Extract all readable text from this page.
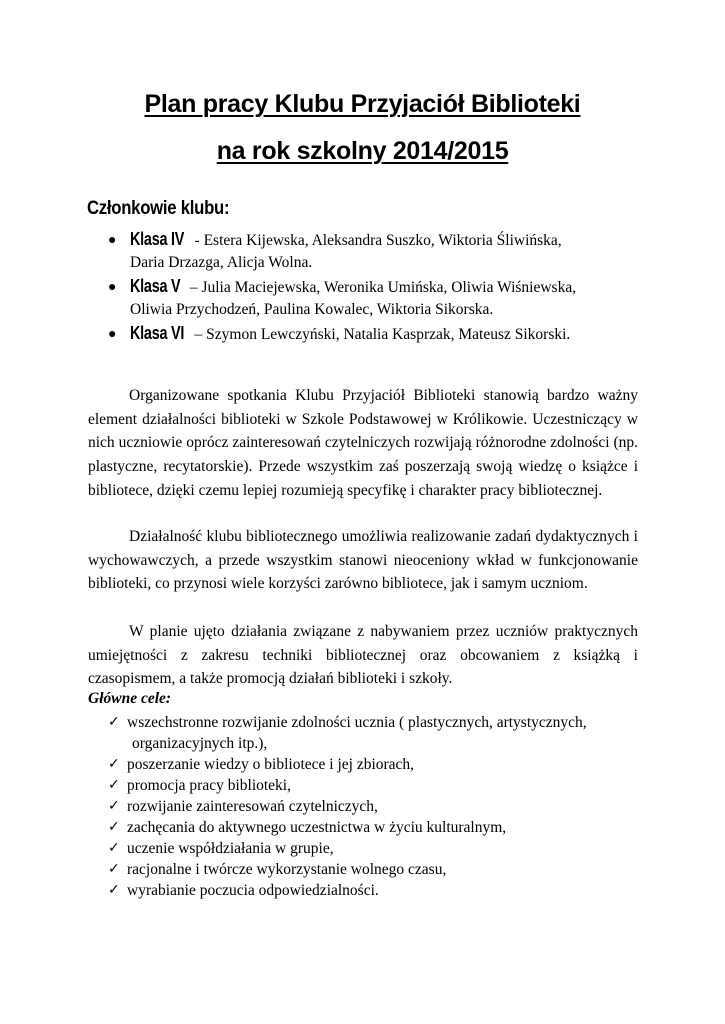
Plan pracy Klubu Przyjaciół Biblioteki
na rok szkolny 2014/2015
Członkowie klubu:
● Klasa IV - Estera Kijewska, Aleksandra Suszko, Wiktoria Śliwińska,
Daria Drzazga, Alicja Wolna.
● Klasa V – Julia Maciejewska, Weronika Umińska, Oliwia Wiśniewska,
Oliwia Przychodzeń, Paulina Kowalec, Wiktoria Sikorska.
● Klasa VI – Szymon Lewczyński, Natalia Kasprzak, Mateusz Sikorski.

Organizowane spotkania Klubu Przyjaciół Biblioteki stanowią bardzo ważny element działalności biblioteki w Szkole Podstawowej w Królikowie. Uczestniczący w nich uczniowie oprócz zainteresowań czytelniczych rozwijają różnorodne zdolności (np. plastyczne, recytatorskie). Przede wszystkim zaś poszerzają swoją wiedzę o książce i bibliotece, dzięki czemu lepiej rozumieją specyfikę i charakter pracy bibliotecznej.

Działalność klubu bibliotecznego umożliwia realizowanie zadań dydaktycznych i wychowawczych, a przede wszystkim stanowi nieoceniony wkład w funkcjonowanie biblioteki, co przynosi wiele korzyści zarówno bibliotece, jak i samym uczniom.

W planie ujęto działania związane z nabywaniem przez uczniów praktycznych umiejętności z zakresu techniki bibliotecznej oraz obcowaniem z książką i czasopismem, a także promocją działań biblioteki i szkoły.

Główne cele:
✓ wszechstronne rozwijanie zdolności ucznia ( plastycznych, artystycznych,
organizacyjnych itp.),
✓ poszerzanie wiedzy o bibliotece i jej zbiorach,
✓ promocja pracy biblioteki,
✓ rozwijanie zainteresowań czytelniczych,
✓ zachęcania do aktywnego uczestnictwa w życiu kulturalnym,
✓ uczenie współdziałania w grupie,
✓ racjonalne i twórcze wykorzystanie wolnego czasu,
✓ wyrabianie poczucia odpowiedzialności.
